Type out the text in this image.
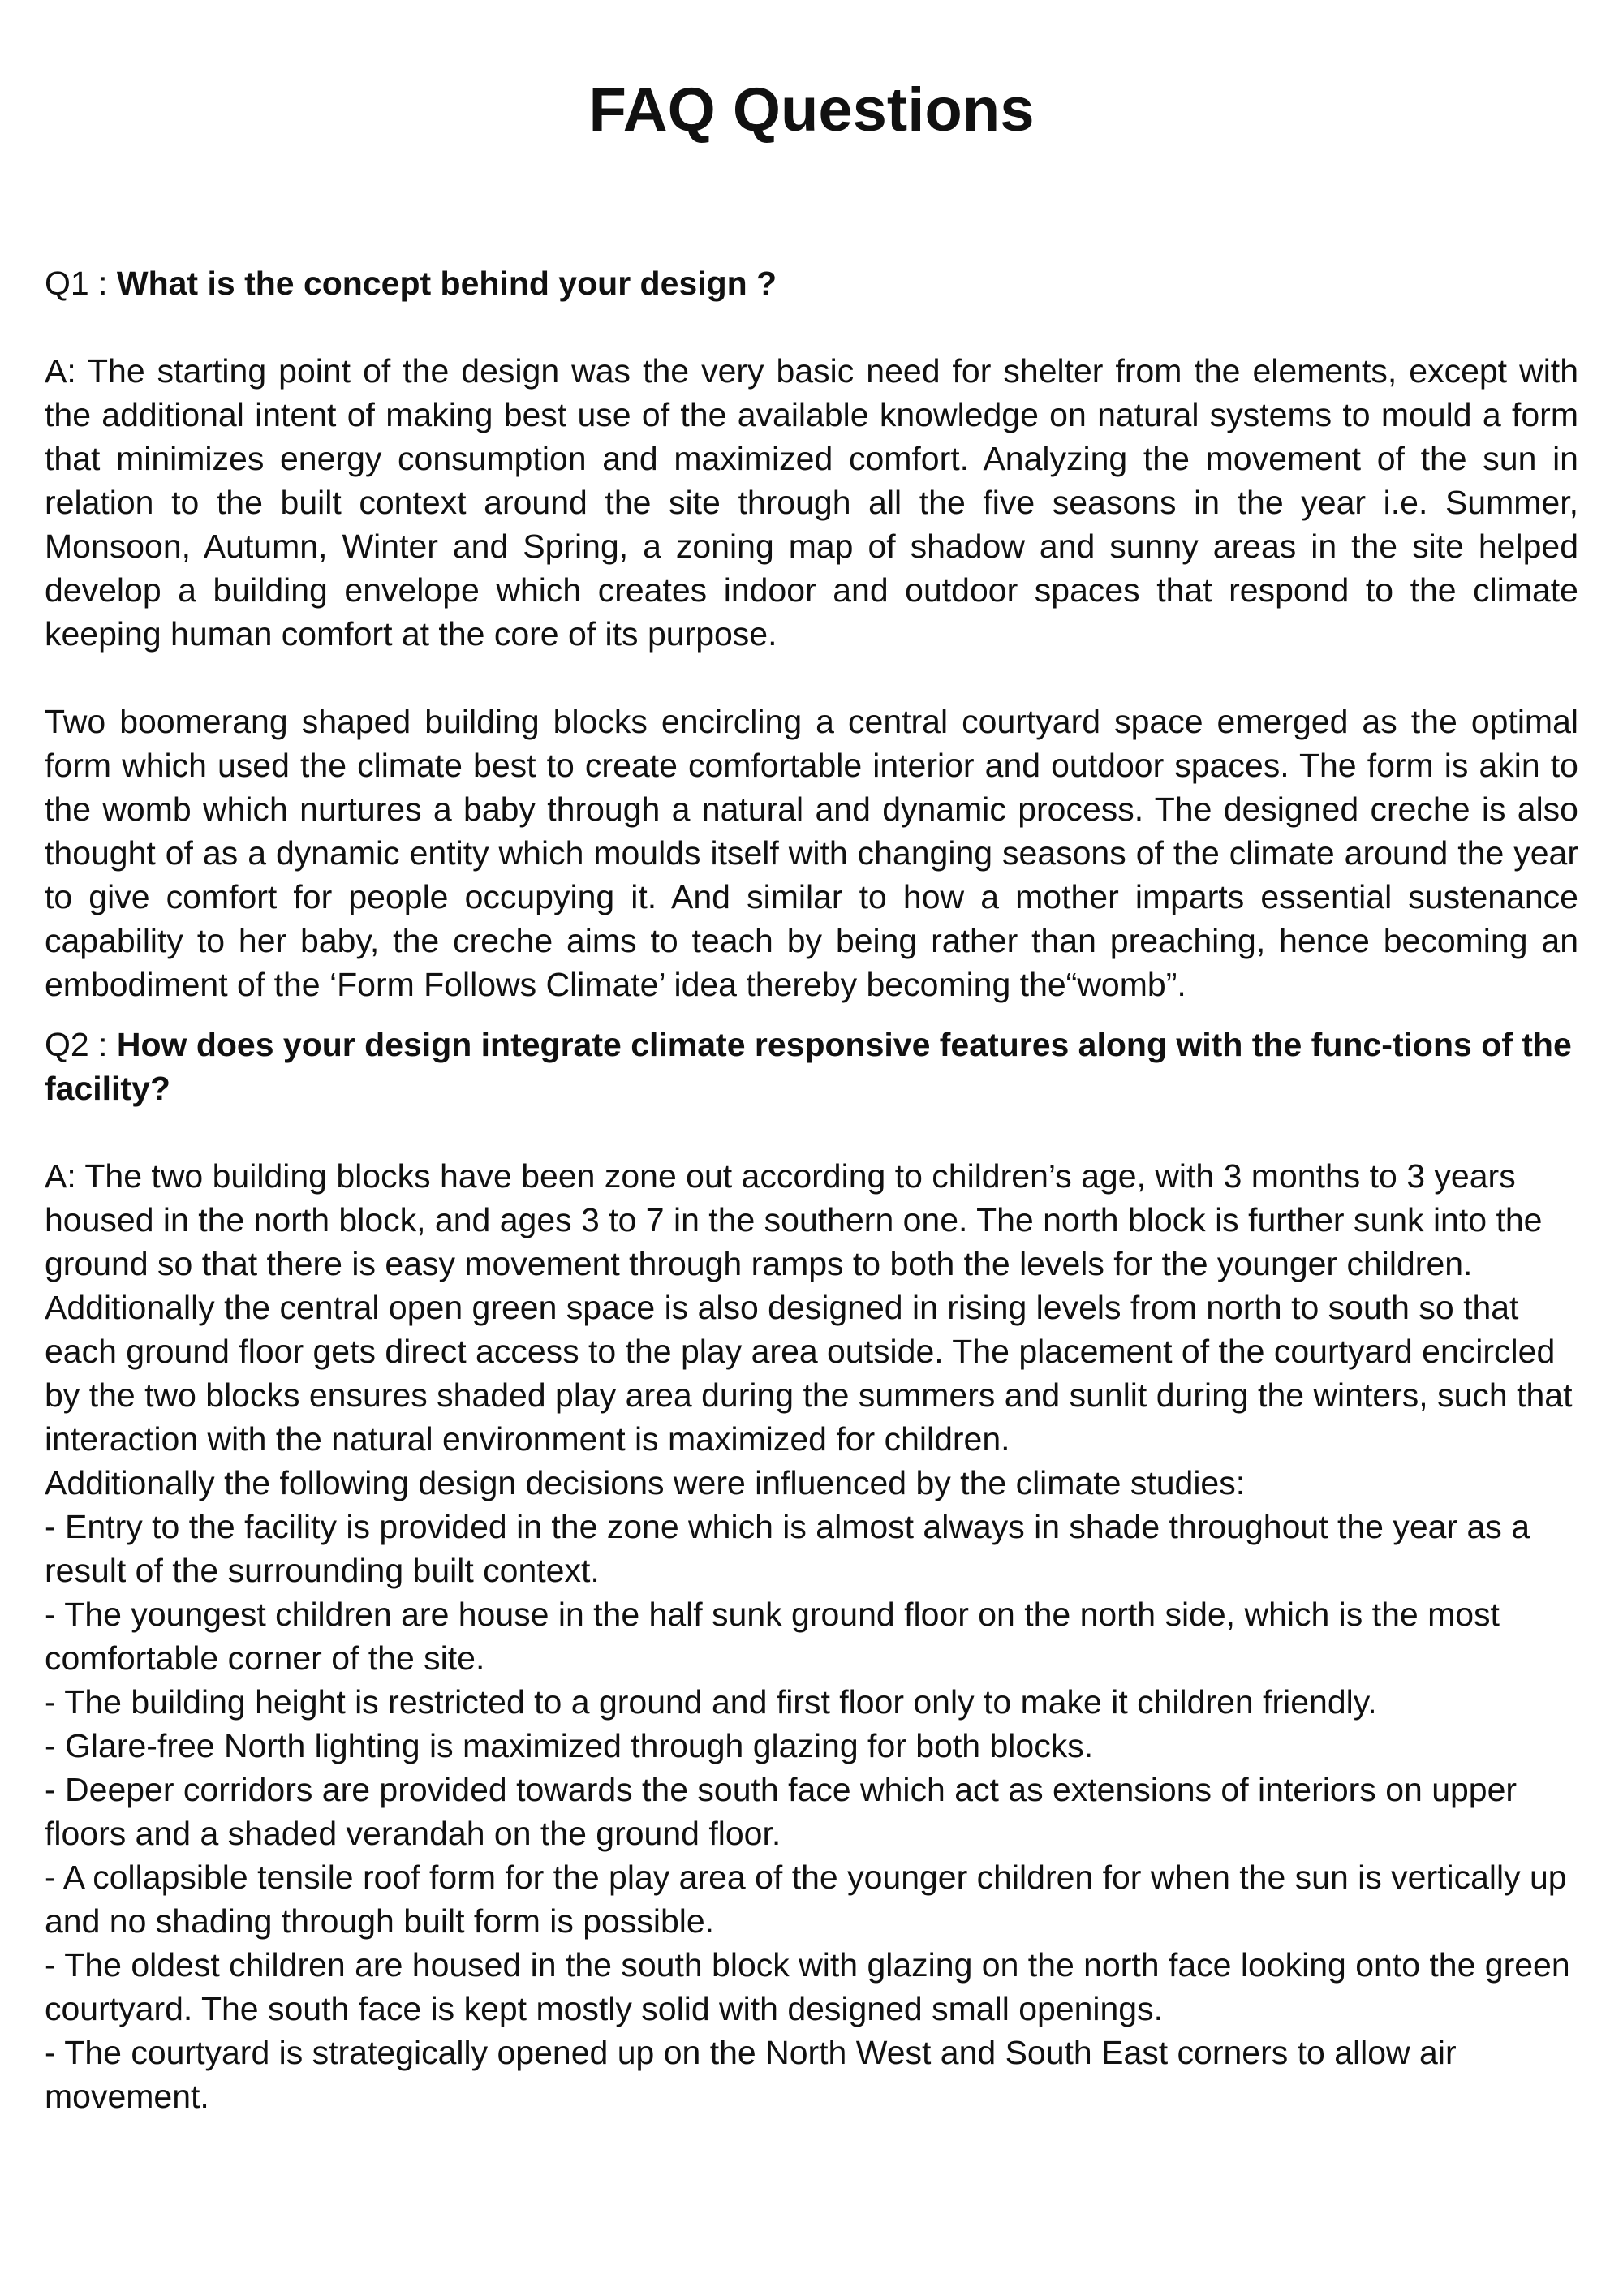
FAQ Questions

Q1 : What is the concept behind your design ?

A: The starting point of the design was the very basic need for shelter from the elements, except with the additional intent of making best use of the available knowledge on natural systems to mould a form that minimizes energy consumption and maximized comfort. Analyzing the movement of the sun in relation to the built context around the site through all the five seasons in the year i.e. Summer, Monsoon, Autumn, Winter and Spring, a zoning map of shadow and sunny areas in the site helped develop a building envelope which creates indoor and outdoor spaces that respond to the climate keeping human comfort at the core of its purpose.

Two boomerang shaped building blocks encircling a central courtyard space emerged as the optimal form which used the climate best to create comfortable interior and outdoor spaces. The form is akin to the womb which nurtures a baby through a natural and dynamic process. The designed creche is also thought of as a dynamic entity which moulds itself with changing seasons of the climate around the year to give comfort for people occupying it. And similar to how a mother imparts essential sustenance capability to her baby, the creche aims to teach by being rather than preaching, hence becoming an embodiment of the ‘Form Follows Climate’ idea thereby becoming the“womb”.

Q2 : How does your design integrate climate responsive features along with the func-tions of the facility?

A: The two building blocks have been zone out according to children’s age, with 3 months to 3 years housed in the north block, and ages 3 to 7 in the southern one. The north block is further sunk into the ground so that there is easy movement through ramps to both the levels for the younger children. Additionally the central open green space is also designed in rising levels from north to south so that each ground floor gets direct access to the play area outside. The placement of the courtyard encircled by the two blocks ensures shaded play area during the summers and sunlit during the winters, such that interaction with the natural environment is maximized for children.

Additionally the following design decisions were influenced by the climate studies:

- Entry to the facility is provided in the zone which is almost always in shade throughout the year as a result of the surrounding built context.
- The youngest children are house in the half sunk ground floor on the north side, which is the most comfortable corner of the site.
- The building height is restricted to a ground and first floor only to make it children friendly.
- Glare-free North lighting is maximized through glazing for both blocks.
- Deeper corridors are provided towards the south face which act as extensions of interiors on upper floors and a shaded verandah on the ground floor.
- A collapsible tensile roof form for the play area of the younger children for when the sun is vertically up and no shading through built form is possible.
- The oldest children are housed in the south block with glazing on the north face looking onto the green courtyard. The south face is kept mostly solid with designed small openings.
- The courtyard is strategically opened up on the North West and South East corners to allow air movement.
